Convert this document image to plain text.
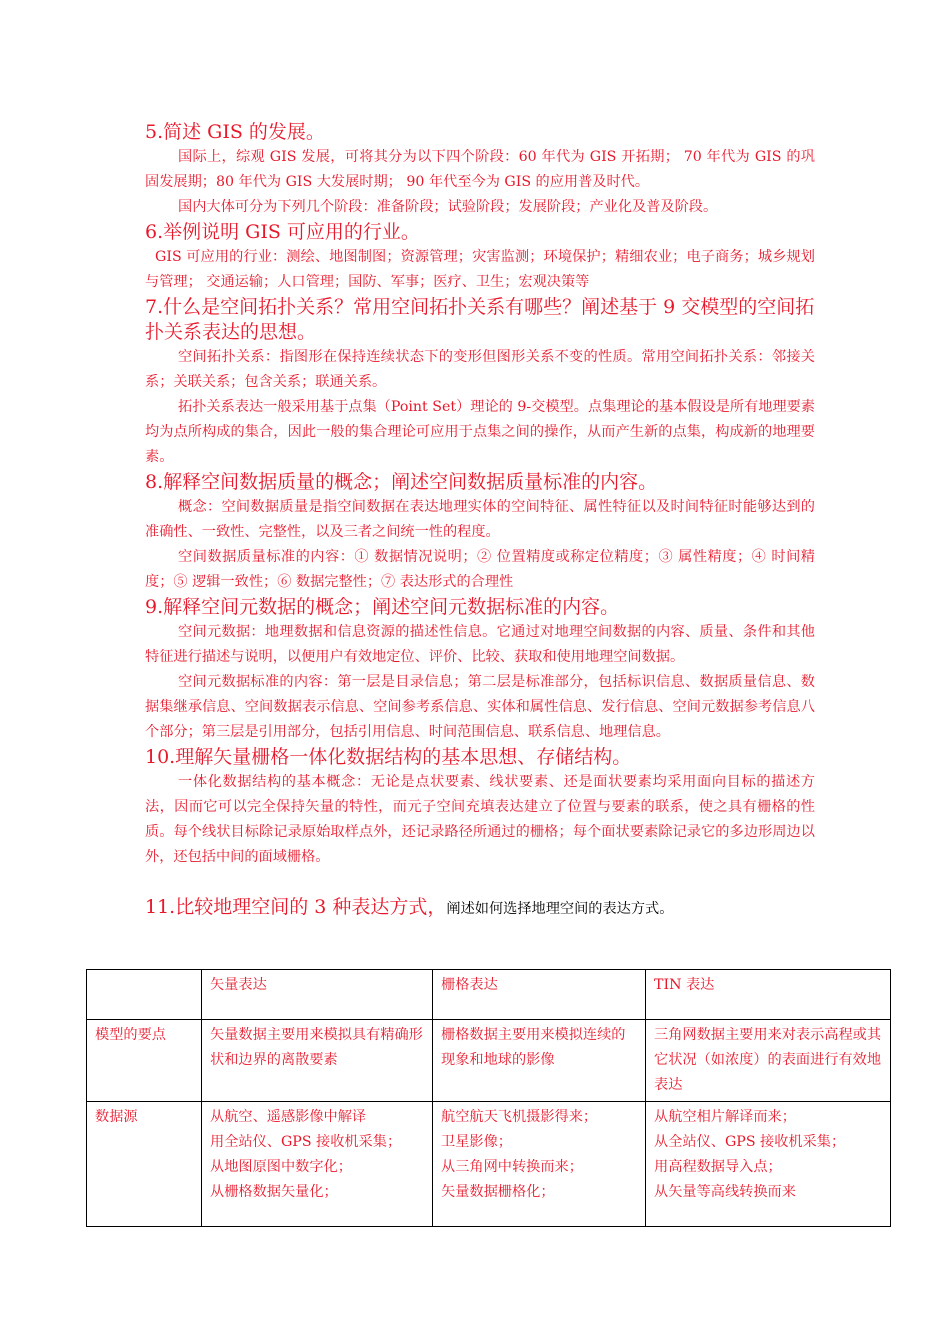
5.简述 GIS 的发展。

国际上，综观 GIS 发展，可将其分为以下四个阶段：60 年代为 GIS 开拓期； 70 年代为 GIS 的巩固发展期；80 年代为 GIS 大发展时期； 90 年代至今为 GIS 的应用普及时代。

国内大体可分为下列几个阶段：准备阶段；试验阶段；发展阶段；产业化及普及阶段。

6.举例说明 GIS 可应用的行业。

GIS 可应用的行业：测绘、地图制图；资源管理；灾害监测；环境保护；精细农业；电子商务；城乡规划与管理； 交通运输；人口管理；国防、军事；医疗、卫生；宏观决策等

7.什么是空间拓扑关系？常用空间拓扑关系有哪些？阐述基于 9 交模型的空间拓扑关系表达的思想。

空间拓扑关系：指图形在保持连续状态下的变形但图形关系不变的性质。常用空间拓扑关系：邻接关系；关联关系；包含关系；联通关系。

拓扑关系表达一般采用基于点集（Point Set）理论的 9-交模型。点集理论的基本假设是所有地理要素均为点所构成的集合，因此一般的集合理论可应用于点集之间的操作，从而产生新的点集，构成新的地理要素。

8.解释空间数据质量的概念；阐述空间数据质量标准的内容。

概念：空间数据质量是指空间数据在表达地理实体的空间特征、属性特征以及时间特征时能够达到的准确性、一致性、完整性，以及三者之间统一性的程度。

空间数据质量标准的内容：① 数据情况说明；② 位置精度或称定位精度；③ 属性精度；④ 时间精度；⑤ 逻辑一致性；⑥ 数据完整性；⑦ 表达形式的合理性

9.解释空间元数据的概念；阐述空间元数据标准的内容。

空间元数据：地理数据和信息资源的描述性信息。它通过对地理空间数据的内容、质量、条件和其他特征进行描述与说明，以便用户有效地定位、评价、比较、获取和使用地理空间数据。

空间元数据标准的内容：第一层是目录信息；第二层是标准部分，包括标识信息、数据质量信息、数据集继承信息、空间数据表示信息、空间参考系信息、实体和属性信息、发行信息、空间元数据参考信息八个部分；第三层是引用部分，包括引用信息、时间范围信息、联系信息、地理信息。

10.理解矢量栅格一体化数据结构的基本思想、存储结构。

一体化数据结构的基本概念：无论是点状要素、线状要素、还是面状要素均采用面向目标的描述方法，因而它可以完全保持矢量的特性，而元子空间充填表达建立了位置与要素的联系，使之具有栅格的性质。每个线状目标除记录原始取样点外，还记录路径所通过的栅格；每个面状要素除记录它的多边形周边以外，还包括中间的面域栅格。

11.比较地理空间的 3 种表达方式，阐述如何选择地理空间的表达方式。
	矢量表达	栅格表达	TIN 表达
模型的要点	矢量数据主要用来模拟具有精确形状和边界的离散要素	栅格数据主要用来模拟连续的现象和地球的影像	三角网数据主要用来对表示高程或其它状况（如浓度）的表面进行有效地表达
数据源	从航空、遥感影像中解译
用全站仪、GPS 接收机采集；
从地图原图中数字化；
从栅格数据矢量化；	航空航天飞机摄影得来；
卫星影像；
从三角网中转换而来；
矢量数据栅格化；	从航空相片解译而来；
从全站仪、GPS 接收机采集；
用高程数据导入点；
从矢量等高线转换而来
